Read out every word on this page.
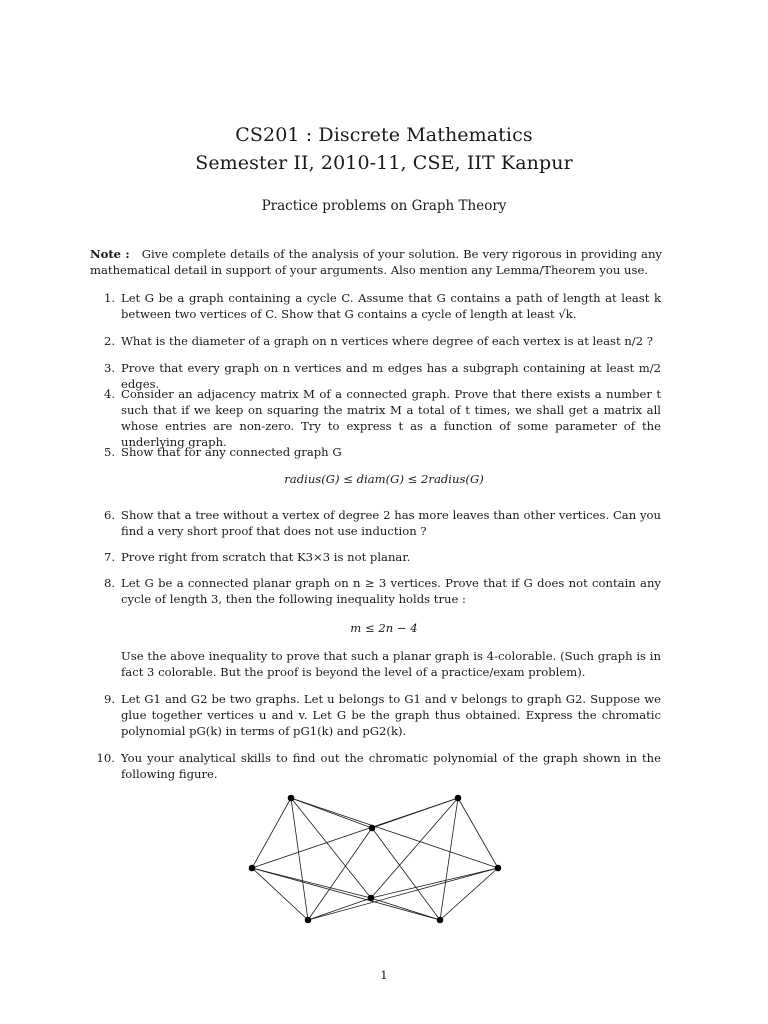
CS201 : Discrete Mathematics
Semester II, 2010-11, CSE, IIT Kanpur
Practice problems on Graph Theory
Note : Give complete details of the analysis of your solution. Be very rigorous in providing any mathematical detail in support of your arguments. Also mention any Lemma/Theorem you use.
1. Let G be a graph containing a cycle C. Assume that G contains a path of length at least k between two vertices of C. Show that G contains a cycle of length at least √k.
2. What is the diameter of a graph on n vertices where degree of each vertex is at least n/2 ?
3. Prove that every graph on n vertices and m edges has a subgraph containing at least m/2 edges.
4. Consider an adjacency matrix M of a connected graph. Prove that there exists a number t such that if we keep on squaring the matrix M a total of t times, we shall get a matrix all whose entries are non-zero. Try to express t as a function of some parameter of the underlying graph.
5. Show that for any connected graph G
radius(G) ≤ diam(G) ≤ 2radius(G)
6. Show that a tree without a vertex of degree 2 has more leaves than other vertices. Can you find a very short proof that does not use induction ?
7. Prove right from scratch that K3×3 is not planar.
8. Let G be a connected planar graph on n ≥ 3 vertices. Prove that if G does not contain any cycle of length 3, then the following inequality holds true :
m ≤ 2n − 4
Use the above inequality to prove that such a planar graph is 4-colorable. (Such graph is in fact 3 colorable. But the proof is beyond the level of a practice/exam problem).
9. Let G1 and G2 be two graphs. Let u belongs to G1 and v belongs to graph G2. Suppose we glue together vertices u and v. Let G be the graph thus obtained. Express the chromatic polynomial pG(k) in terms of pG1(k) and pG2(k).
10. You your analytical skills to find out the chromatic polynomial of the graph shown in the following figure.
1
